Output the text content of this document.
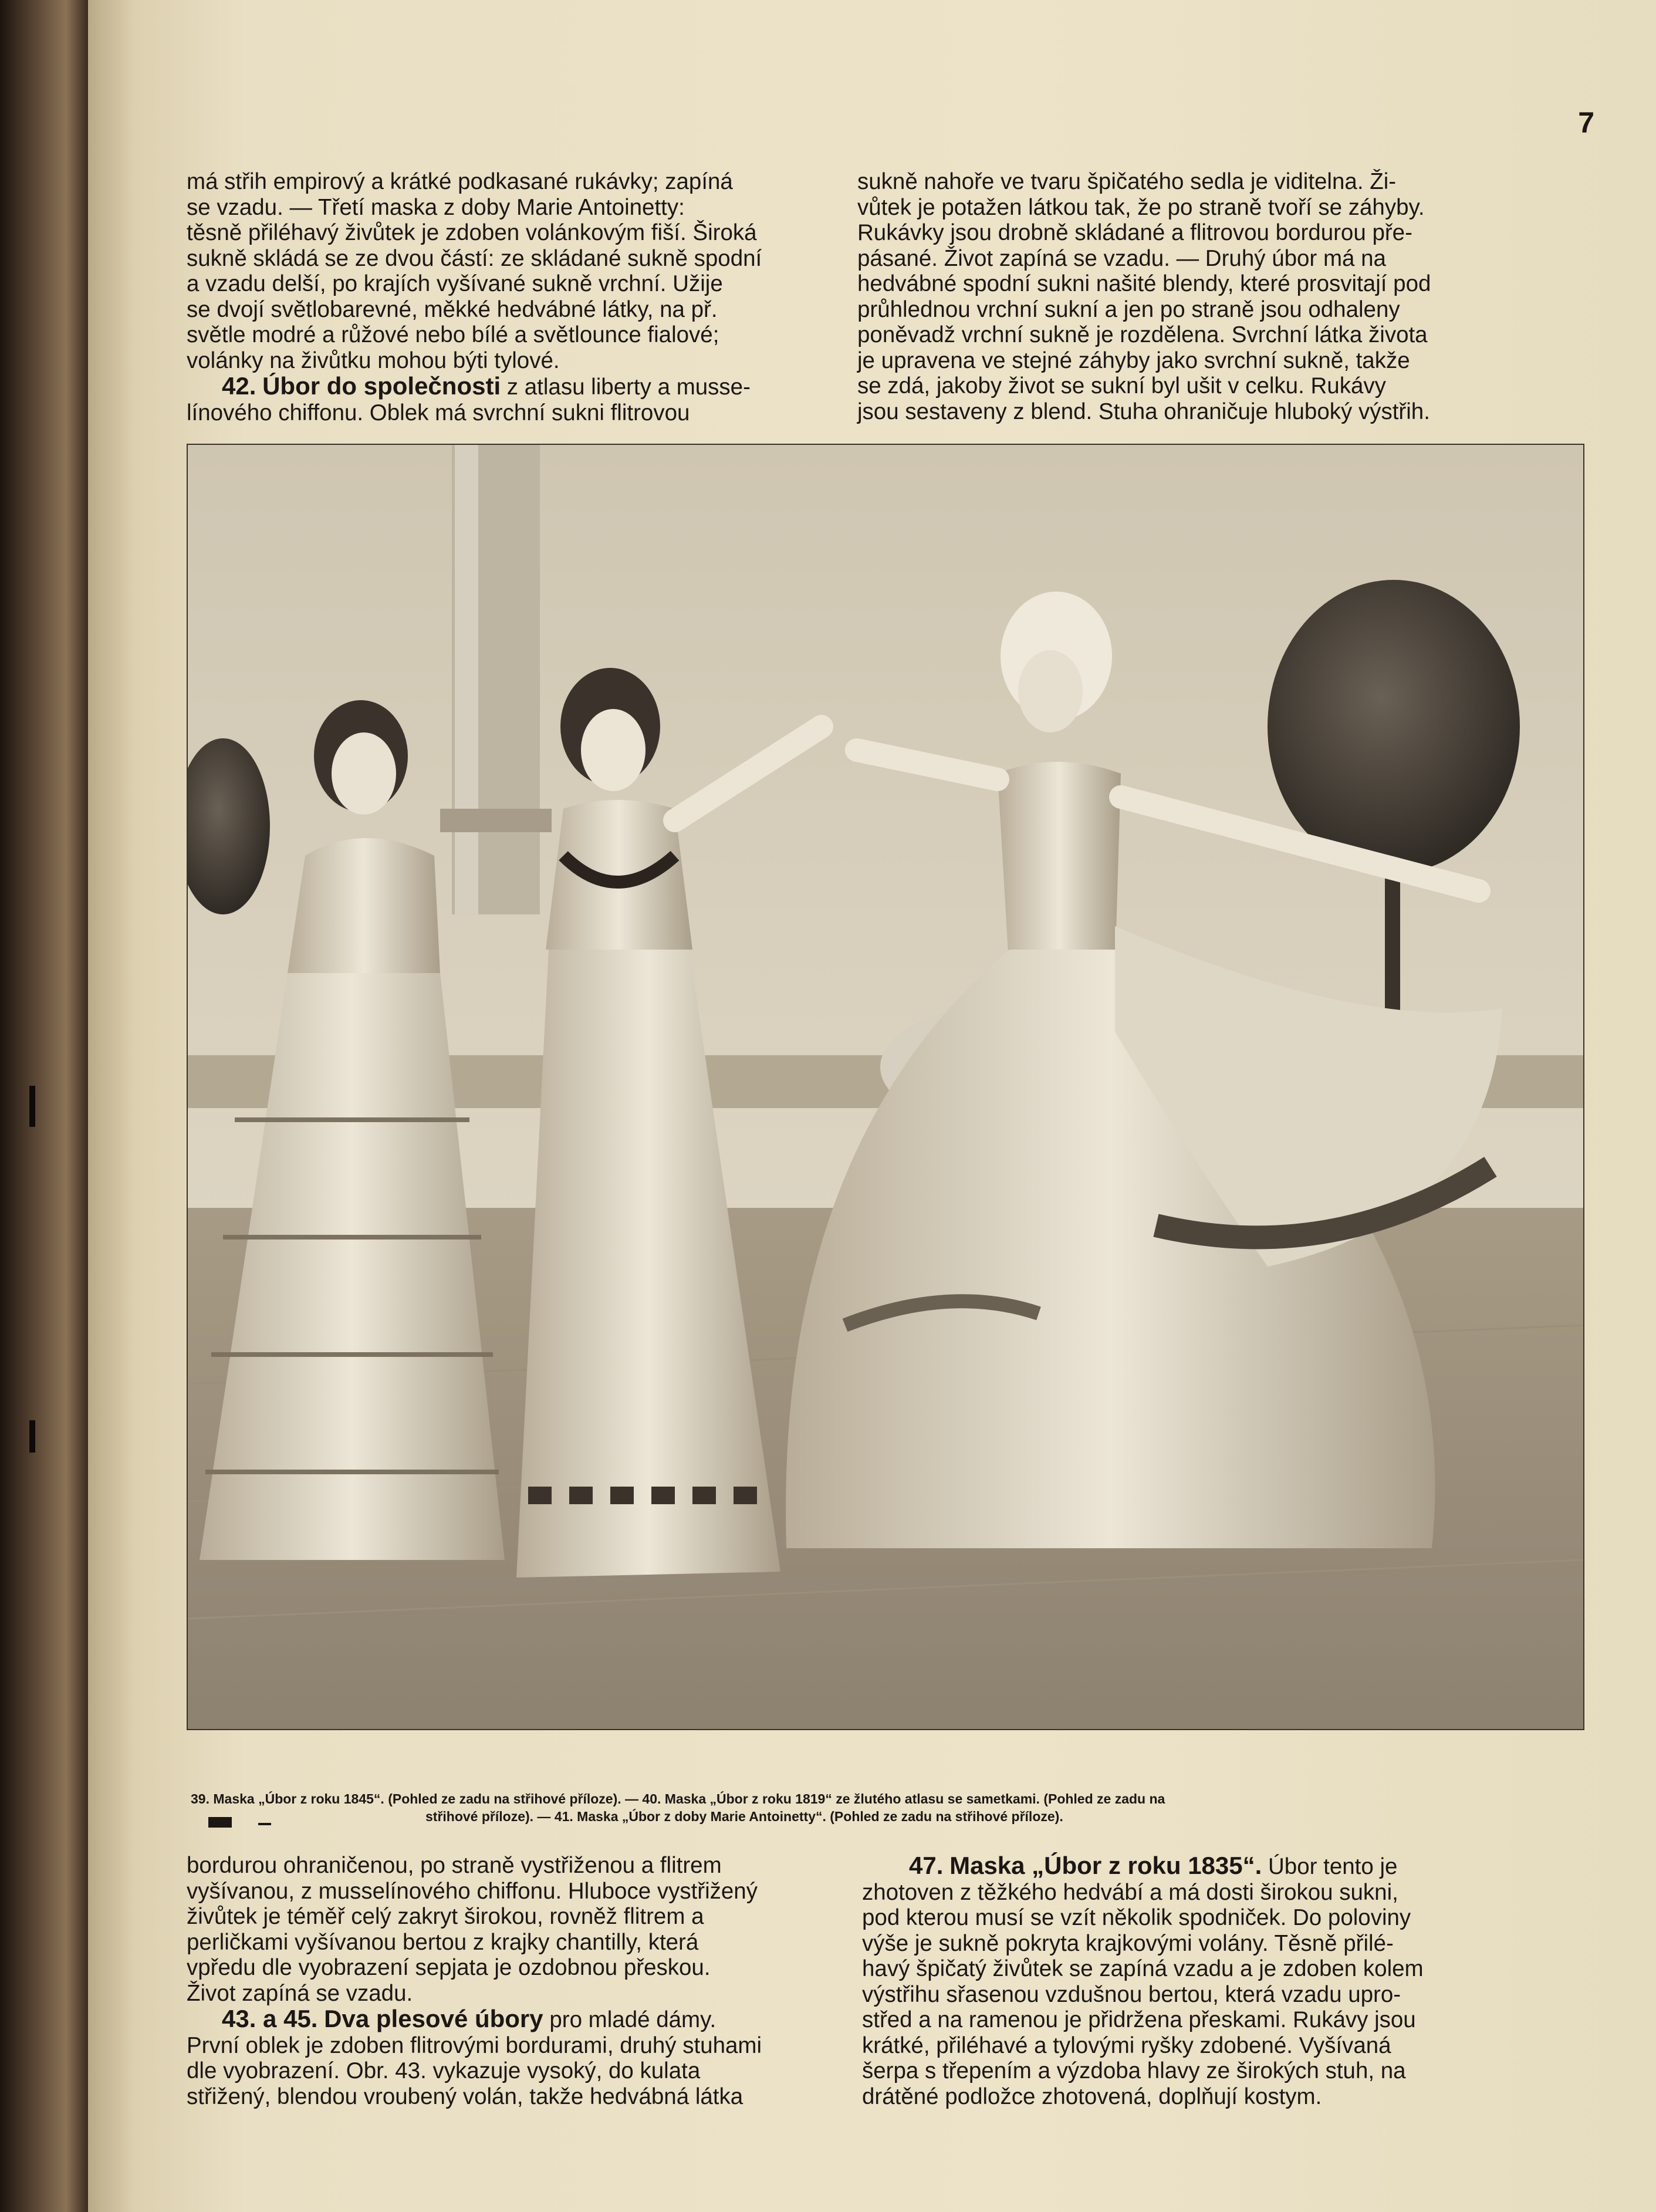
7

má střih empirový a krátké podkasané rukávky; zapíná

se vzadu. — Třetí maska z doby Marie Antoinetty:

těsně přiléhavý živůtek je zdoben volánkovým fiší. Široká

sukně skládá se ze dvou částí: ze skládané sukně spodní

a vzadu delší, po krajích vyšívané sukně vrchní. Užije

se dvojí světlobarevné, měkké hedvábné látky, na př.

světle modré a růžové nebo bílé a světlounce fialové;

volánky na živůtku mohou býti tylové.

42. Úbor do společnosti z atlasu liberty a musse-

línového chiffonu. Oblek má svrchní sukni flitrovou

sukně nahoře ve tvaru špičatého sedla je viditelna. Ži-

vůtek je potažen látkou tak, že po straně tvoří se záhyby.

Rukávky jsou drobně skládané a flitrovou bordurou pře-

pásané. Život zapíná se vzadu. — Druhý úbor má na

hedvábné spodní sukni našité blendy, které prosvitají pod

průhlednou vrchní sukní a jen po straně jsou odhaleny

poněvadž vrchní sukně je rozdělena. Svrchní látka života

je upravena ve stejné záhyby jako svrchní sukně, takže

se zdá, jakoby život se sukní byl ušit v celku. Rukávy

jsou sestaveny z blend. Stuha ohraničuje hluboký výstřih.

39. Maska „Úbor z roku 1845“. (Pohled ze zadu na střihové příloze). — 40. Maska „Úbor z roku 1819“ ze žlutého atlasu se sametkami. (Pohled ze zadu na
střihové příloze). — 41. Maska „Úbor z doby Marie Antoinetty“. (Pohled ze zadu na střihové příloze).

bordurou ohraničenou, po straně vystřiženou a flitrem

vyšívanou, z musselínového chiffonu. Hluboce vystřižený

živůtek je téměř celý zakryt širokou, rovněž flitrem a

perličkami vyšívanou bertou z krajky chantilly, která

vpředu dle vyobrazení sepjata je ozdobnou přeskou.

Život zapíná se vzadu.

43. a 45. Dva plesové úbory pro mladé dámy.

První oblek je zdoben flitrovými bordurami, druhý stuhami

dle vyobrazení. Obr. 43. vykazuje vysoký, do kulata

střižený, blendou vroubený volán, takže hedvábná látka

47. Maska „Úbor z roku 1835“. Úbor tento je

zhotoven z těžkého hedvábí a má dosti širokou sukni,

pod kterou musí se vzít několik spodniček. Do poloviny

výše je sukně pokryta krajkovými volány. Těsně přilé-

havý špičatý živůtek se zapíná vzadu a je zdoben kolem

výstřihu sřasenou vzdušnou bertou, která vzadu upro-

střed a na ramenou je přidržena přeskami. Rukávy jsou

krátké, přiléhavé a tylovými ryšky zdobené. Vyšívaná

šerpa s třepením a výzdoba hlavy ze širokých stuh, na

drátěné podložce zhotovená, doplňují kostym.
